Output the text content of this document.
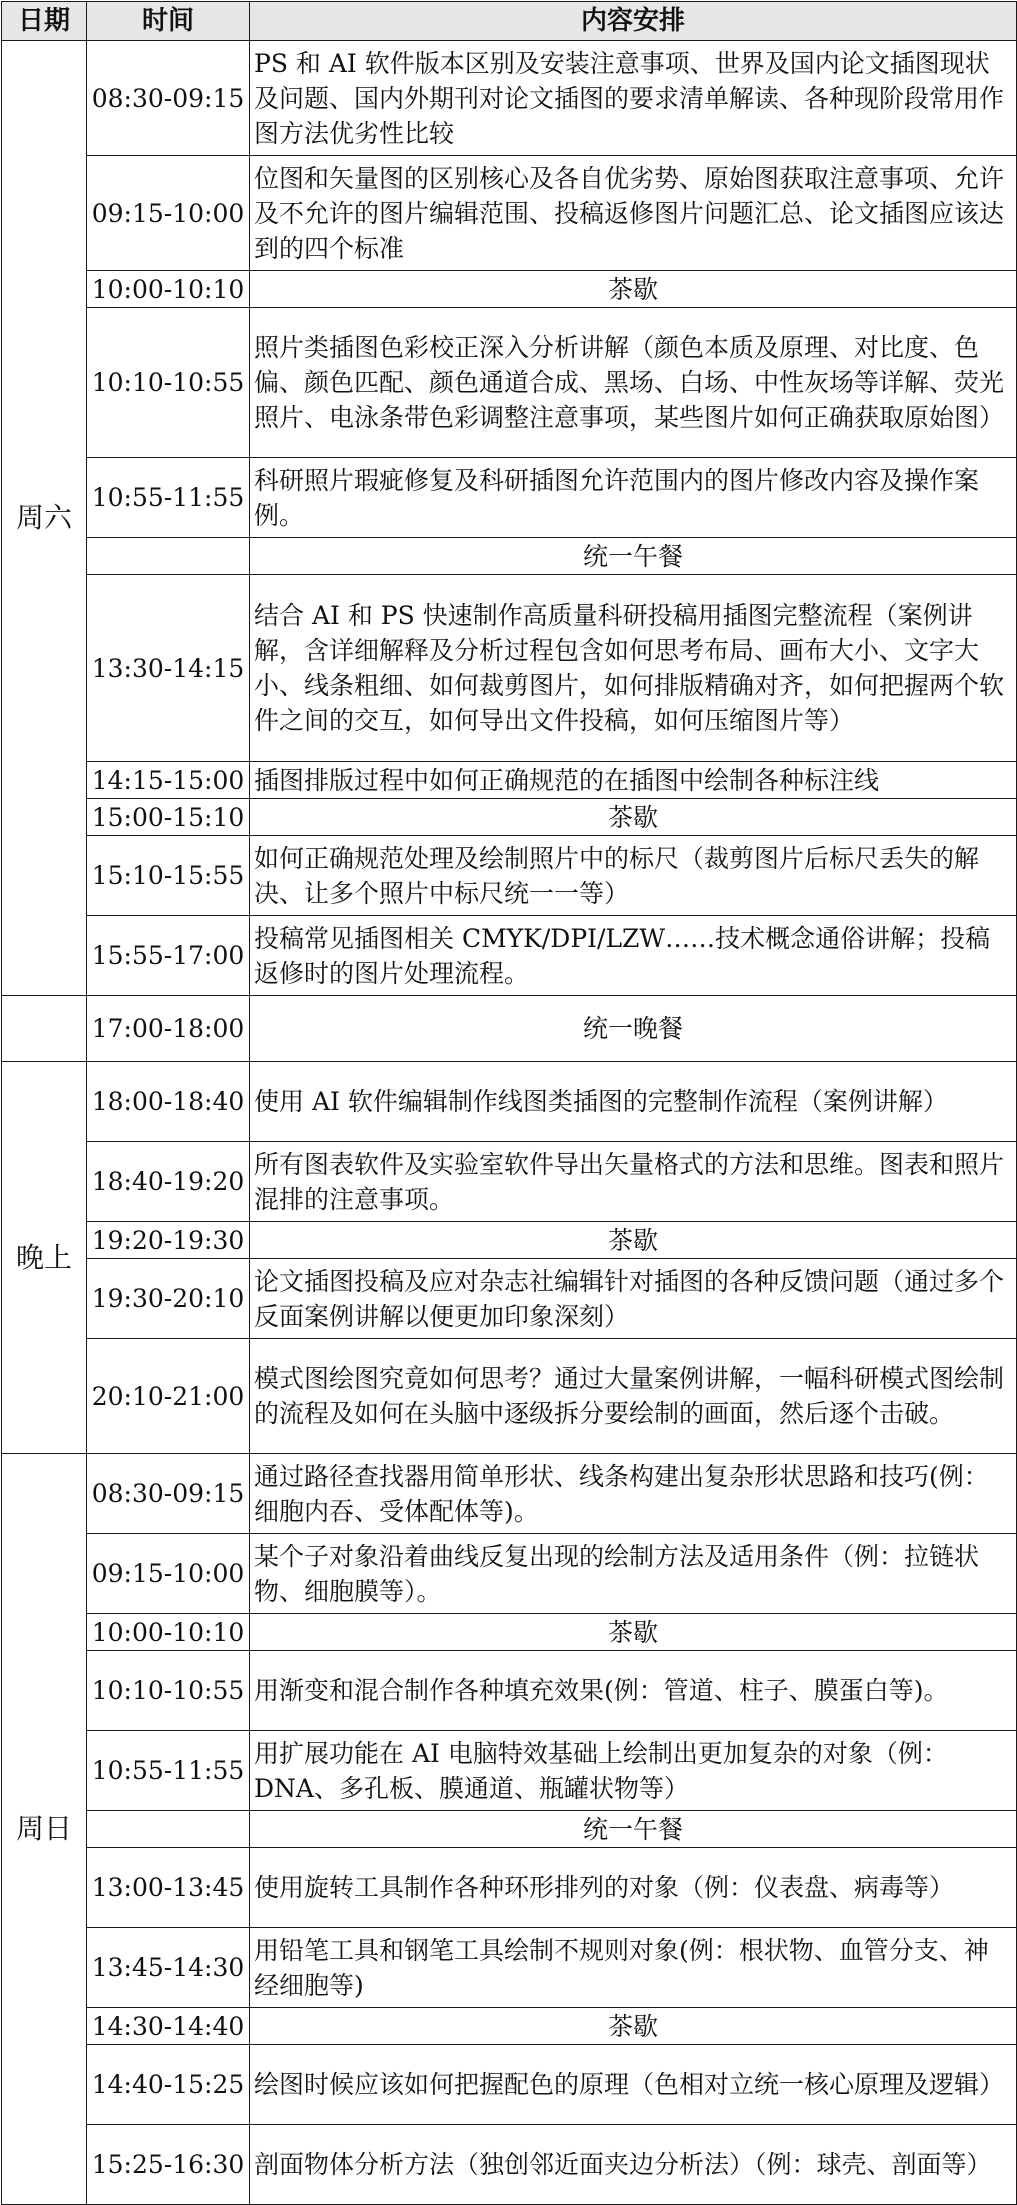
日期	时间	内容安排
周六	08:30-09:15	PS 和 AI 软件版本区别及安装注意事项、世界及国内论文插图现状及问题、国内外期刊对论文插图的要求清单解读、各种现阶段常用作图方法优劣性比较
	09:15-10:00	位图和矢量图的区别核心及各自优劣势、原始图获取注意事项、允许及不允许的图片编辑范围、投稿返修图片问题汇总、论文插图应该达到的四个标准
	10:00-10:10	茶歇
	10:10-10:55	照片类插图色彩校正深入分析讲解（颜色本质及原理、对比度、色偏、颜色匹配、颜色通道合成、黑场、白场、中性灰场等详解、荧光照片、电泳条带色彩调整注意事项，某些图片如何正确获取原始图）
	10:55-11:55	科研照片瑕疵修复及科研插图允许范围内的图片修改内容及操作案例。
		统一午餐
	13:30-14:15	结合 AI 和 PS 快速制作高质量科研投稿用插图完整流程（案例讲解，含详细解释及分析过程包含如何思考布局、画布大小、文字大小、线条粗细、如何裁剪图片，如何排版精确对齐，如何把握两个软件之间的交互，如何导出文件投稿，如何压缩图片等）
	14:15-15:00	插图排版过程中如何正确规范的在插图中绘制各种标注线
	15:00-15:10	茶歇
	15:10-15:55	如何正确规范处理及绘制照片中的标尺（裁剪图片后标尺丢失的解决、让多个照片中标尺统一一等）
	15:55-17:00	投稿常见插图相关 CMYK/DPI/LZW……技术概念通俗讲解；投稿返修时的图片处理流程。
	17:00-18:00	统一晚餐
晚上	18:00-18:40	使用 AI 软件编辑制作线图类插图的完整制作流程（案例讲解）
	18:40-19:20	所有图表软件及实验室软件导出矢量格式的方法和思维。图表和照片混排的注意事项。
	19:20-19:30	茶歇
	19:30-20:10	论文插图投稿及应对杂志社编辑针对插图的各种反馈问题（通过多个反面案例讲解以便更加印象深刻）
	20:10-21:00	模式图绘图究竟如何思考？通过大量案例讲解，一幅科研模式图绘制的流程及如何在头脑中逐级拆分要绘制的画面，然后逐个击破。
周日	08:30-09:15	通过路径查找器用简单形状、线条构建出复杂形状思路和技巧(例：细胞内吞、受体配体等)。
	09:15-10:00	某个子对象沿着曲线反复出现的绘制方法及适用条件（例：拉链状物、细胞膜等）。
	10:00-10:10	茶歇
	10:10-10:55	用渐变和混合制作各种填充效果(例：管道、柱子、膜蛋白等)。
	10:55-11:55	用扩展功能在 AI 电脑特效基础上绘制出更加复杂的对象（例：DNA、多孔板、膜通道、瓶罐状物等）
		统一午餐
	13:00-13:45	使用旋转工具制作各种环形排列的对象（例：仪表盘、病毒等）
	13:45-14:30	用铅笔工具和钢笔工具绘制不规则对象(例：根状物、血管分支、神经细胞等)
	14:30-14:40	茶歇
	14:40-15:25	绘图时候应该如何把握配色的原理（色相对立统一核心原理及逻辑）
	15:25-16:30	剖面物体分析方法（独创邻近面夹边分析法）（例：球壳、剖面等）
